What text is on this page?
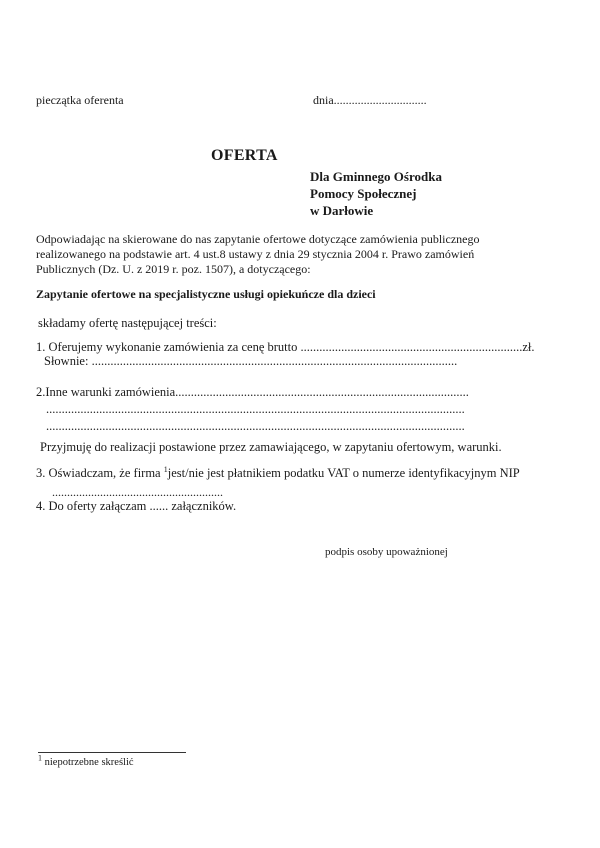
pieczątka oferenta	dnia...............................
OFERTA
Dla Gminnego Ośrodka
Pomocy Społecznej
w Darłowie
Odpowiadając na skierowane do nas zapytanie ofertowe dotyczące zamówienia publicznego realizowanego na podstawie art. 4 ust.8 ustawy z dnia 29 stycznia 2004 r. Prawo zamówień Publicznych (Dz. U. z 2019 r. poz. 1507), a dotyczącego:
Zapytanie ofertowe na specjalistyczne usługi opiekuńcze dla dzieci
składamy ofertę następującej treści:
1. Oferujemy wykonanie zamówienia za cenę brutto .......................................................................zł.
Słownie: .....................................................................................................................
2.Inne warunki zamówienia..............................................................................................
......................................................................................................................................
......................................................................................................................................
Przyjmuję do realizacji postawione przez zamawiającego, w zapytaniu ofertowym, warunki.
3. Oświadczam, że firma $^1$jest/nie jest płatnikiem podatku VAT o numerze identyfikacyjnym NIP
.........................................................
4. Do oferty załączam ...... załączników.
podpis osoby upoważnionej
$^1$ niepotrzebne skreślić
